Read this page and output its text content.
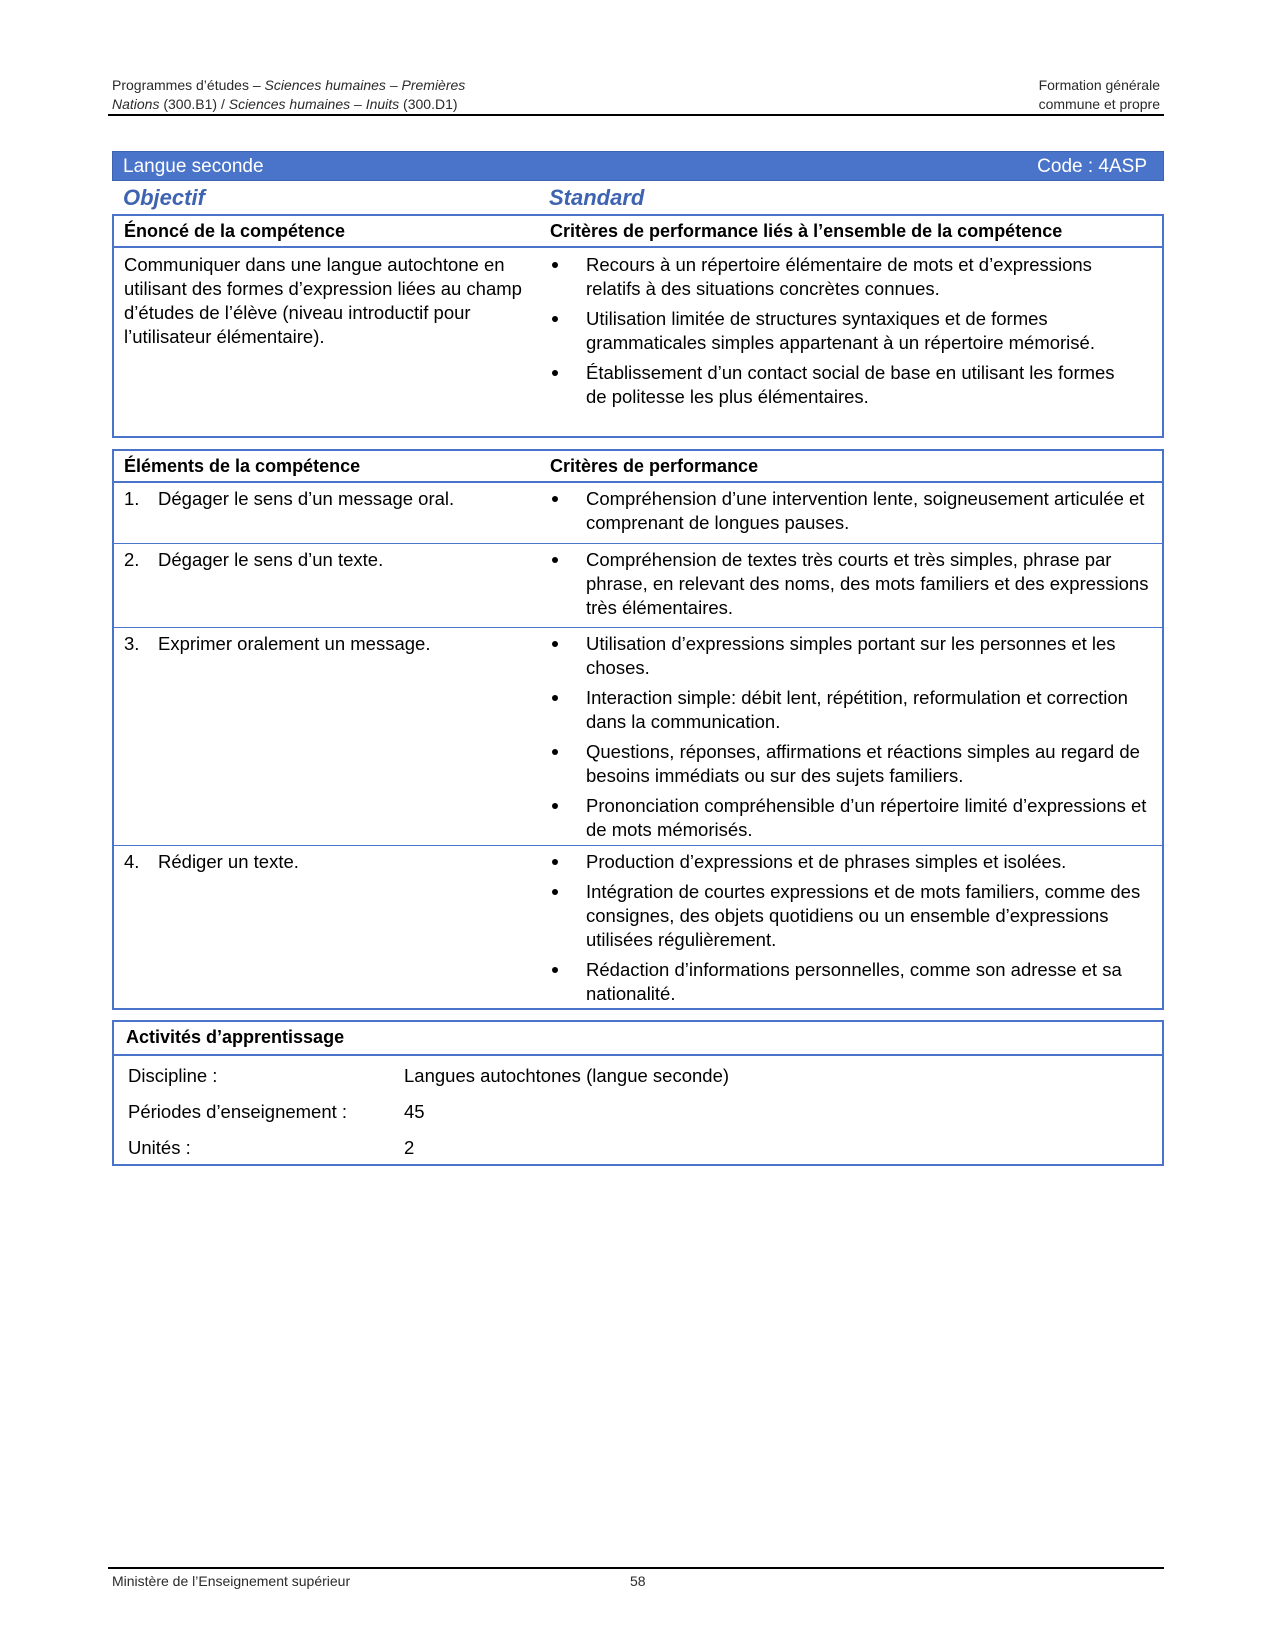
Programmes d’études – Sciences humaines – Premières
Nations (300.B1) / Sciences humaines – Inuits (300.D1)
Formation générale
commune et propre
Langue seconde	Code : 4ASP
Objectif	Standard
Énoncé de la compétence	Critères de performance liés à l’ensemble de la compétence
Communiquer dans une langue autochtone en utilisant des formes d’expression liées au champ d’études de l’élève (niveau introductif pour l’utilisateur élémentaire).
Recours à un répertoire élémentaire de mots et d’expressions relatifs à des situations concrètes connues.
Utilisation limitée de structures syntaxiques et de formes grammaticales simples appartenant à un répertoire mémorisé.
Établissement d’un contact social de base en utilisant les formes de politesse les plus élémentaires.
Éléments de la compétence	Critères de performance
1. Dégager le sens d’un message oral.	Compréhension d’une intervention lente, soigneusement articulée et comprenant de longues pauses.
2. Dégager le sens d’un texte.	Compréhension de textes très courts et très simples, phrase par phrase, en relevant des noms, des mots familiers et des expressions très élémentaires.
3. Exprimer oralement un message.	Utilisation d’expressions simples portant sur les personnes et les choses.
Interaction simple: débit lent, répétition, reformulation et correction dans la communication.
Questions, réponses, affirmations et réactions simples au regard de besoins immédiats ou sur des sujets familiers.
Prononciation compréhensible d’un répertoire limité d’expressions et de mots mémorisés.
4. Rédiger un texte.	Production d’expressions et de phrases simples et isolées.
Intégration de courtes expressions et de mots familiers, comme des consignes, des objets quotidiens ou un ensemble d’expressions utilisées régulièrement.
Rédaction d’informations personnelles, comme son adresse et sa nationalité.
Activités d’apprentissage
Discipline :	Langues autochtones (langue seconde)
Périodes d’enseignement :	45
Unités :	2
Ministère de l’Enseignement supérieur	58
